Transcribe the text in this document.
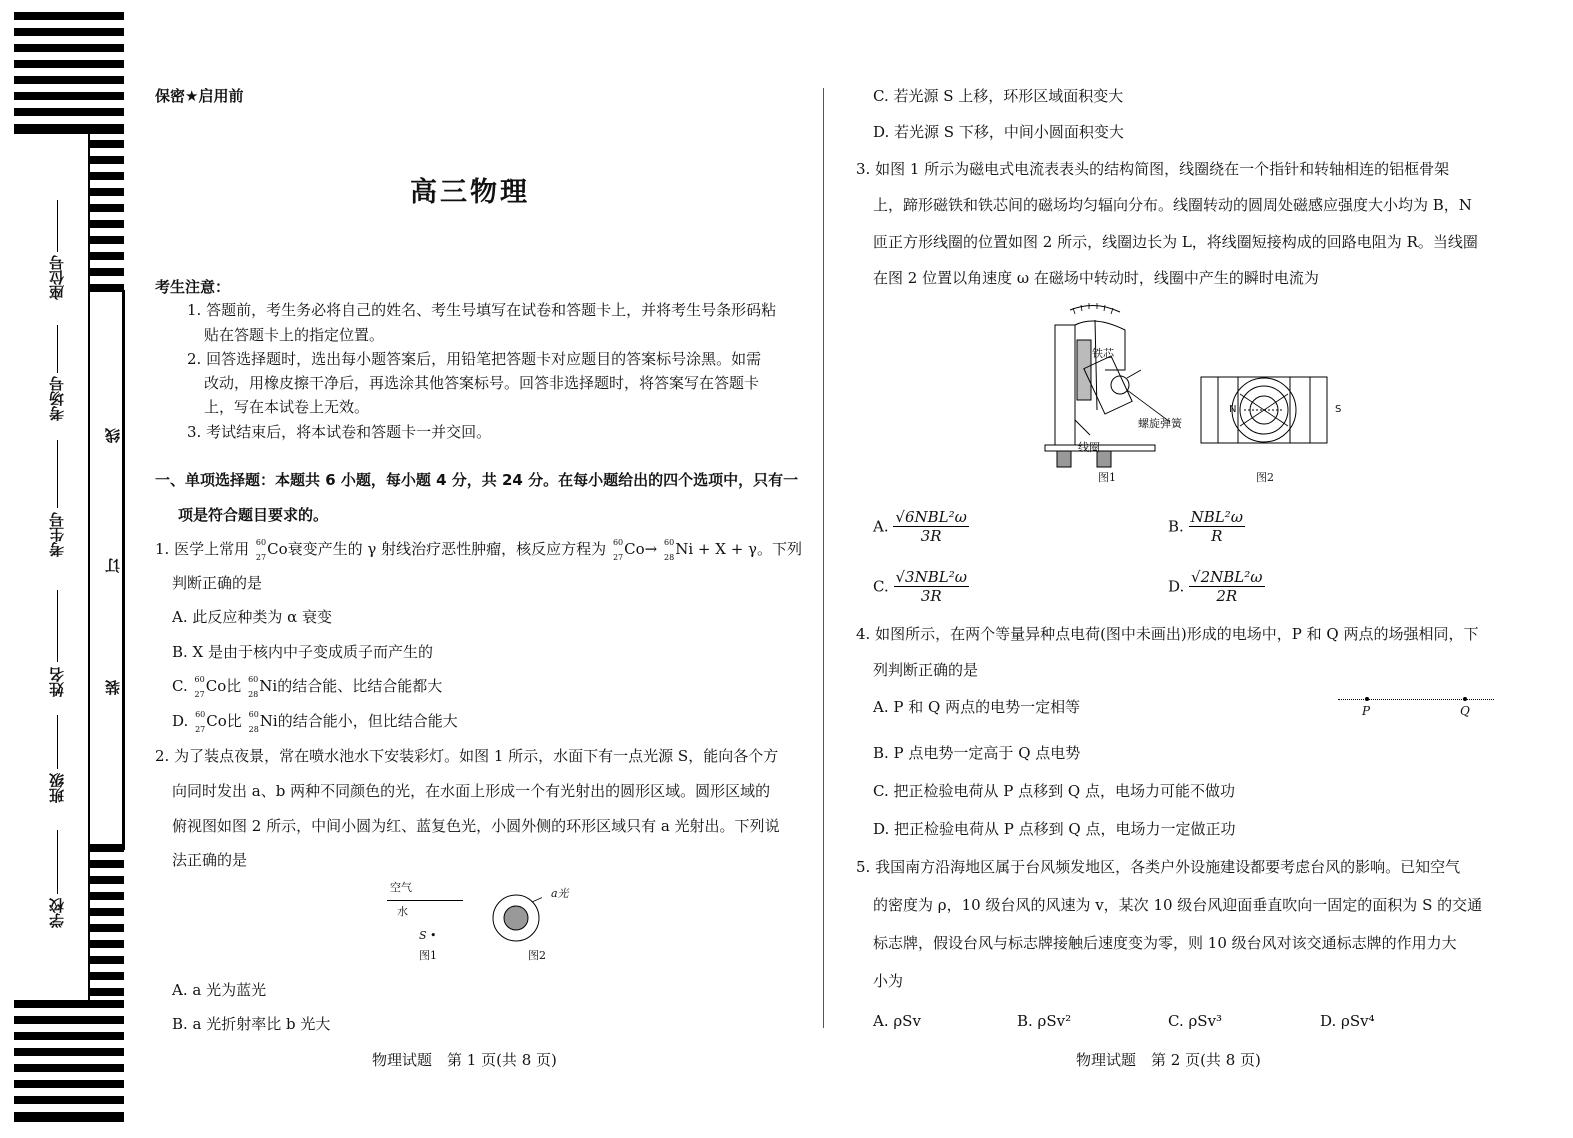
座位号
考场号
考生号
姓名
班级
学校
线
订
装
保密★启用前
高三物理
考生注意：
1. 答题前，考生务必将自己的姓名、考生号填写在试卷和答题卡上，并将考生号条形码粘
贴在答题卡上的指定位置。
2. 回答选择题时，选出每小题答案后，用铅笔把答题卡对应题目的答案标号涂黑。如需
改动，用橡皮擦干净后，再选涂其他答案标号。回答非选择题时，将答案写在答题卡
上，写在本试卷上无效。
3. 考试结束后，将本试卷和答题卡一并交回。
一、单项选择题：本题共 6 小题，每小题 4 分，共 24 分。在每小题给出的四个选项中，只有一
项是符合题目要求的。
1. 医学上常用 60
27 Co衰变产生的 γ 射线治疗恶性肿瘤，核反应方程为 60
27 Co→ 60
28 Ni + X + γ。下列
判断正确的是
A. 此反应种类为 α 衰变
B. X 是由于核内中子变成质子而产生的
C. 60
27 Co比 60
28 Ni的结合能、比结合能都大
D. 60
27 Co比 60
28 Ni的结合能小，但比结合能大
2. 为了装点夜景，常在喷水池水下安装彩灯。如图 1 所示，水面下有一点光源 S，能向各个方
向同时发出 a、b 两种不同颜色的光，在水面上形成一个有光射出的圆形区域。圆形区域的
俯视图如图 2 所示，中间小圆为红、蓝复色光，小圆外侧的环形区域只有 a 光射出。下列说
法正确的是
空气
水
S •
图1
a光
图2
A. a 光为蓝光
B. a 光折射率比 b 光大
物理试题　第 1 页(共 8 页)
C. 若光源 S 上移，环形区域面积变大
D. 若光源 S 下移，中间小圆面积变大
3. 如图 1 所示为磁电式电流表表头的结构简图，线圈绕在一个指针和转轴相连的铝框骨架
上，蹄形磁铁和铁芯间的磁场均匀辐向分布。线圈转动的圆周处磁感应强度大小均为 B，N
匝正方形线圈的位置如图 2 所示，线圈边长为 L，将线圈短接构成的回路电阻为 R。当线圈
在图 2 位置以角速度 ω 在磁场中转动时，线圈中产生的瞬时电流为
铁芯
螺旋弹簧
线圈
图1
N	S
图2
A. $\frac{\text{√6NBL²ω}}{3R}$	B. $\frac{\text{NBL²ω}}{R}$
C. $\frac{\text{√3NBL²ω}}{3R}$	D. $\frac{\text{√2NBL²ω}}{2R}$
4. 如图所示，在两个等量异种点电荷(图中未画出)形成的电场中，P 和 Q 两点的场强相同，下
列判断正确的是
A. P 和 Q 两点的电势一定相等
B. P 点电势一定高于 Q 点电势
C. 把正检验电荷从 P 点移到 Q 点，电场力可能不做功
D. 把正检验电荷从 P 点移到 Q 点，电场力一定做正功
P	Q
5. 我国南方沿海地区属于台风频发地区，各类户外设施建设都要考虑台风的影响。已知空气
的密度为 ρ，10 级台风的风速为 v，某次 10 级台风迎面垂直吹向一固定的面积为 S 的交通
标志牌，假设台风与标志牌接触后速度变为零，则 10 级台风对该交通标志牌的作用力大
小为
A. ρSv	B. ρSv²	C. ρSv³	D. ρSv⁴
物理试题　第 2 页(共 8 页)
